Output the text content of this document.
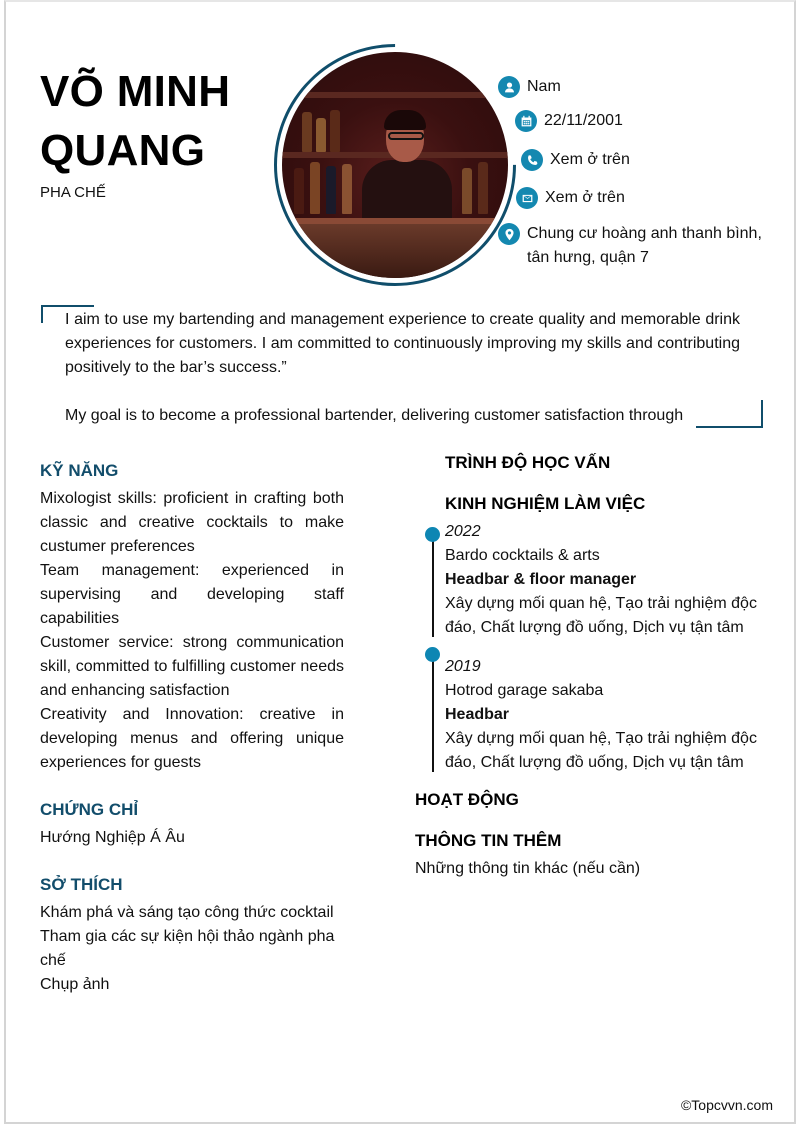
VÕ MINH
QUANG
PHA CHẾ
Nam
22/11/2001
Xem ở trên
Xem ở trên
Chung cư hoàng anh thanh bình, tân hưng, quận 7

I aim to use my bartending and management experience to create quality and memorable drink experiences for customers. I am committed to continuously improving my skills and contributing positively to the bar’s success.”

My goal is to become a professional bartender, delivering customer satisfaction through

KỸ NĂNG
Mixologist skills: proficient in crafting both classic and creative cocktails to make custumer preferences
Team management: experienced in supervising and developing staff capabilities
Customer service: strong communication skill, committed to fulfilling customer needs and enhancing satisfaction
Creativity and Innovation: creative in developing menus and offering unique experiences for guests
CHỨNG CHỈ
Hướng Nghiệp Á Âu
SỞ THÍCH
Khám phá và sáng tạo công thức cocktail
Tham gia các sự kiện hội thảo ngành pha chế
Chụp ảnh
TRÌNH ĐỘ HỌC VẤN
KINH NGHIỆM LÀM VIỆC
2022
Bardo cocktails & arts
Headbar & floor manager
Xây dựng mối quan hệ, Tạo trải nghiệm độc đáo, Chất lượng đồ uống, Dịch vụ tận tâm
2019
Hotrod garage sakaba
Headbar
Xây dựng mối quan hệ, Tạo trải nghiệm độc đáo, Chất lượng đồ uống, Dịch vụ tận tâm
HOẠT ĐỘNG
THÔNG TIN THÊM
Những thông tin khác (nếu cần)
©Topcvvn.com
